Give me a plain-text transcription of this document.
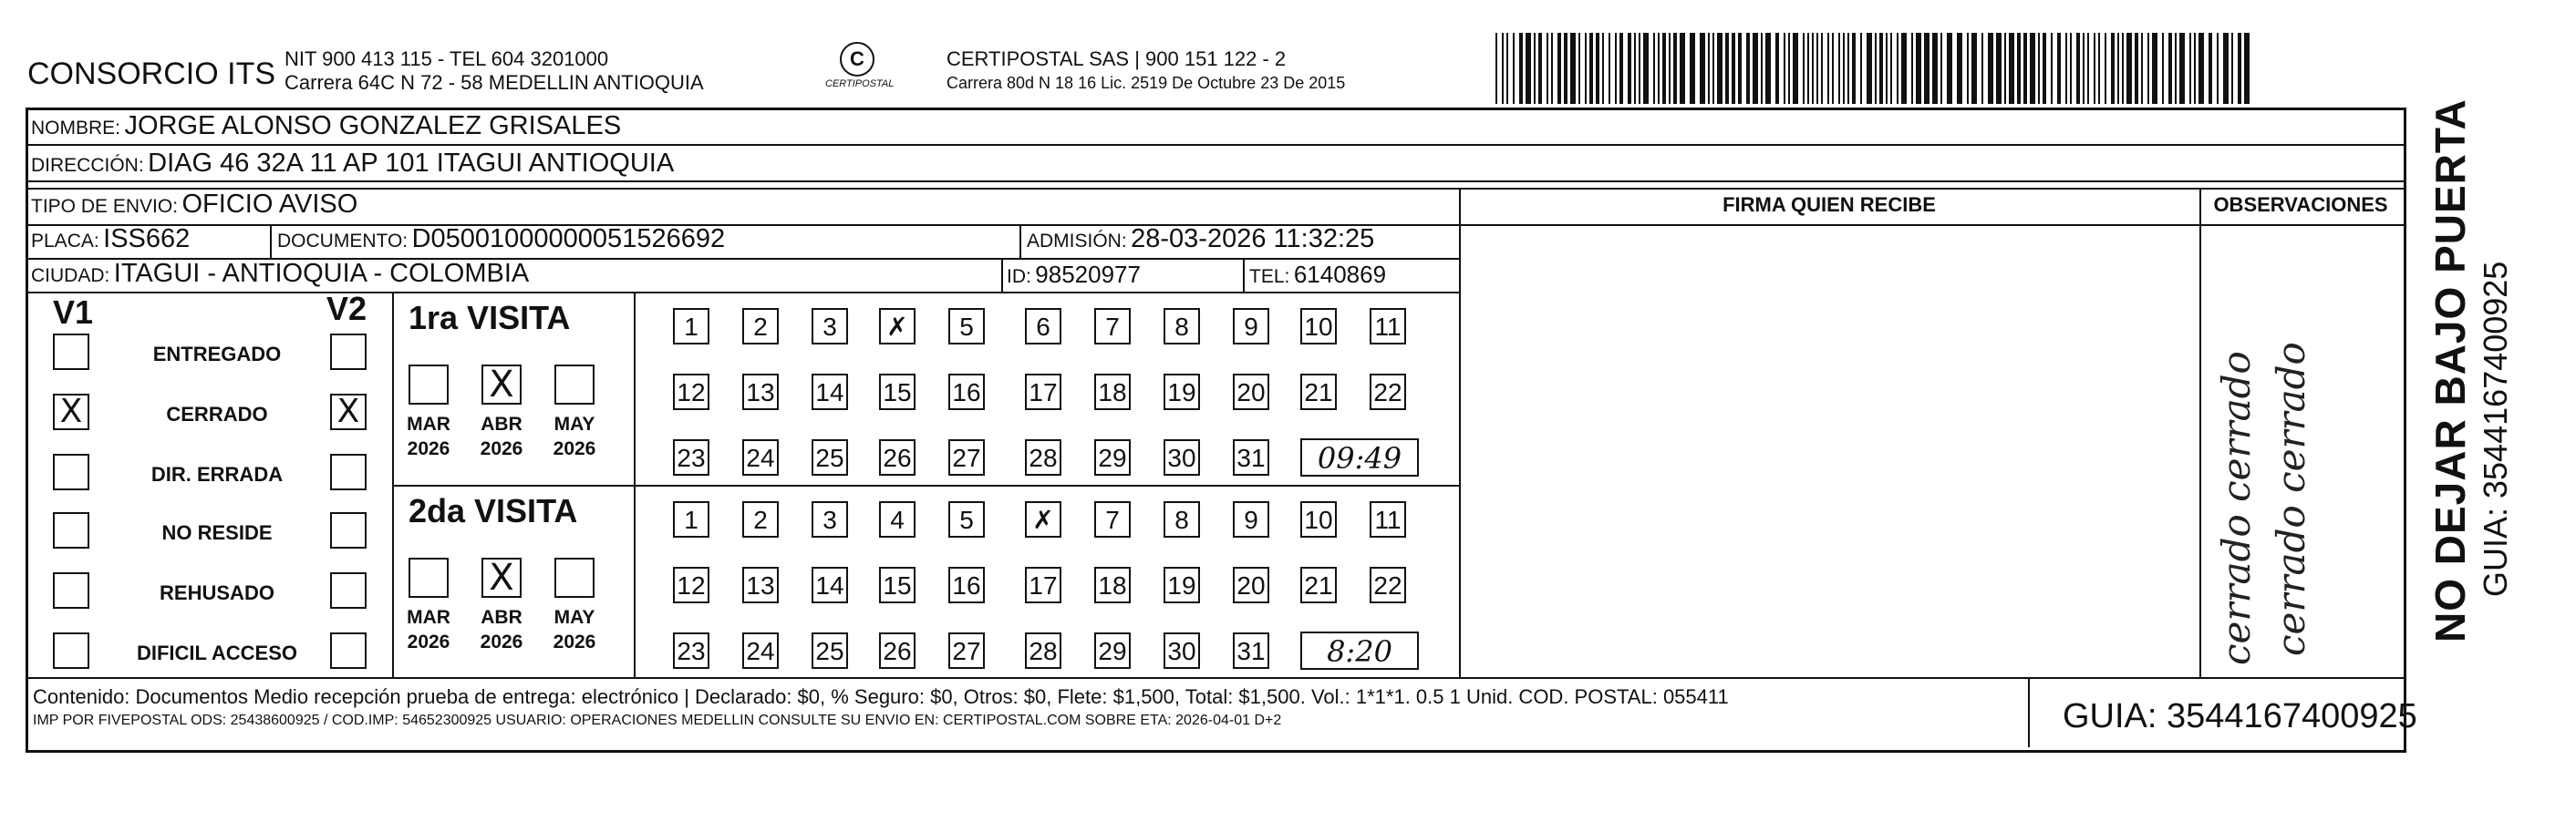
CONSORCIO ITS NIT 900 413 115 - TEL 604 3201000
Carrera 64C N 72 - 58 MEDELLIN ANTIOQUIA
C
CERTIPOSTAL
CERTIPOSTAL SAS | 900 151 122 - 2
Carrera 80d N 18 16 Lic. 2519 De Octubre 23 De 2015
NOMBRE: JORGE ALONSO GONZALEZ GRISALES
DIRECCIÓN: DIAG 46 32A 11 AP 101 ITAGUI ANTIOQUIA
TIPO DE ENVIO: OFICIO AVISO
PLACA: ISS662	DOCUMENTO: D050010000000515266​92	ADMISIÓN: 28-03-2026 11:32:25
CIUDAD: ITAGUI - ANTIOQUIA - COLOMBIA	ID: 98520977	TEL: 6140869
FIRMA QUIEN RECIBE	OBSERVACIONES
V1	V2
ENTREGADO
X	CERRADO	X
DIR. ERRADA
NO RESIDE
REHUSADO
DIFICIL ACCESO
1ra VISITA
MAR
2026
X
ABR
2026
MAY
2026
1	2	3	✗	5	6	7	8	9	10 11
12 13 14 15 16 17 18 19 20 21 22
23 24 25 26 27 28 29 30 31	09:49
2da VISITA
MAR
2026
X
ABR
2026
MAY
2026
1	2	3	4	5	✗	7	8	9	10 11
12 13 14 15 16 17 18 19 20 21 22
23 24 25 26 27 28 29 30 31	8:20	cerrado cerrado cerrado cerrado
Contenido: Documentos Medio recepción prueba de entrega: electrónico | Declarado: $0, % Seguro: $0, Otros: $0, Flete: $1,500, Total: $1,500. Vol.: 1*1*1. 0.5 1 Unid. COD. POSTAL: 055411
IMP POR FIVEPOSTAL ODS: 25438600925 / COD.IMP: 54652300925 USUARIO: OPERACIONES MEDELLIN CONSULTE SU ENVIO EN: CERTIPOSTAL.COM SOBRE ETA: 2026-04-01 D+2	GUIA: 3544167400925
NO DEJAR BAJO PUERTA GUIA: 3544167400925
